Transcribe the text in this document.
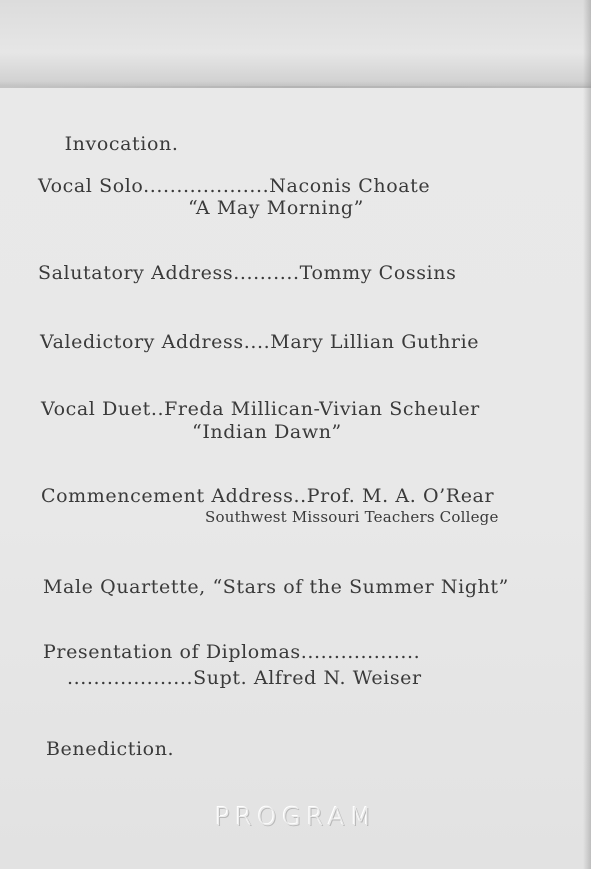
Invocation.

Vocal Solo...................Naconis Choate
“A May Morning”
Salutatory Address..........Tommy Cossins
Valedictory Address....Mary Lillian Guthrie
Vocal Duet..Freda Millican-Vivian Scheuler
“Indian Dawn”
Commencement Address..Prof. M. A. O’Rear
Southwest Missouri Teachers College
Male Quartette, “Stars of the Summer Night”
Presentation of Diplomas..................
...................Supt. Alfred N. Weiser
Benediction.
PROGRAM
